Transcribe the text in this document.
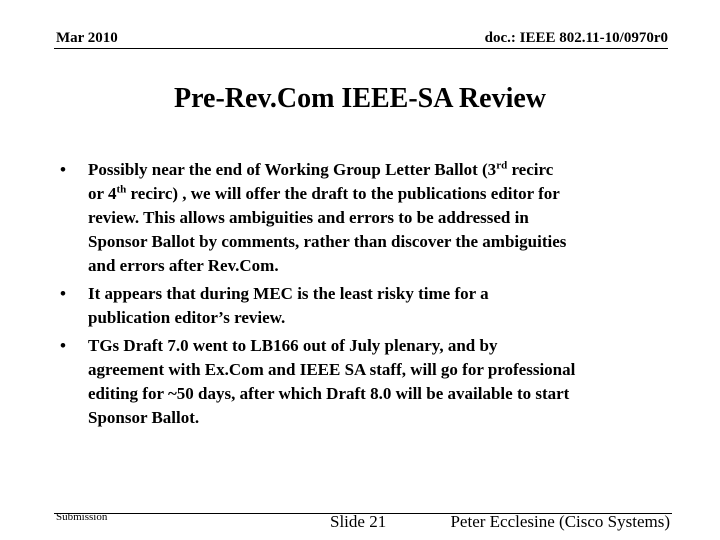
Mar 2010	doc.: IEEE 802.11-10/0970r0
Pre-Rev.Com IEEE-SA Review
• Possibly near the end of Working Group Letter Ballot (3rd recirc
or 4th recirc) , we will offer the draft to the publications editor for
review. This allows ambiguities and errors to be addressed in
Sponsor Ballot by comments, rather than discover the ambiguities
and errors after Rev.Com.
• It appears that during MEC is the least risky time for a
publication editor’s review.
• TGs Draft 7.0 went to LB166 out of July plenary, and by
agreement with Ex.Com and IEEE SA staff, will go for professional
editing for ~50 days, after which Draft 8.0 will be available to start
Sponsor Ballot.
Submission	Slide 21	Peter Ecclesine (Cisco Systems)
